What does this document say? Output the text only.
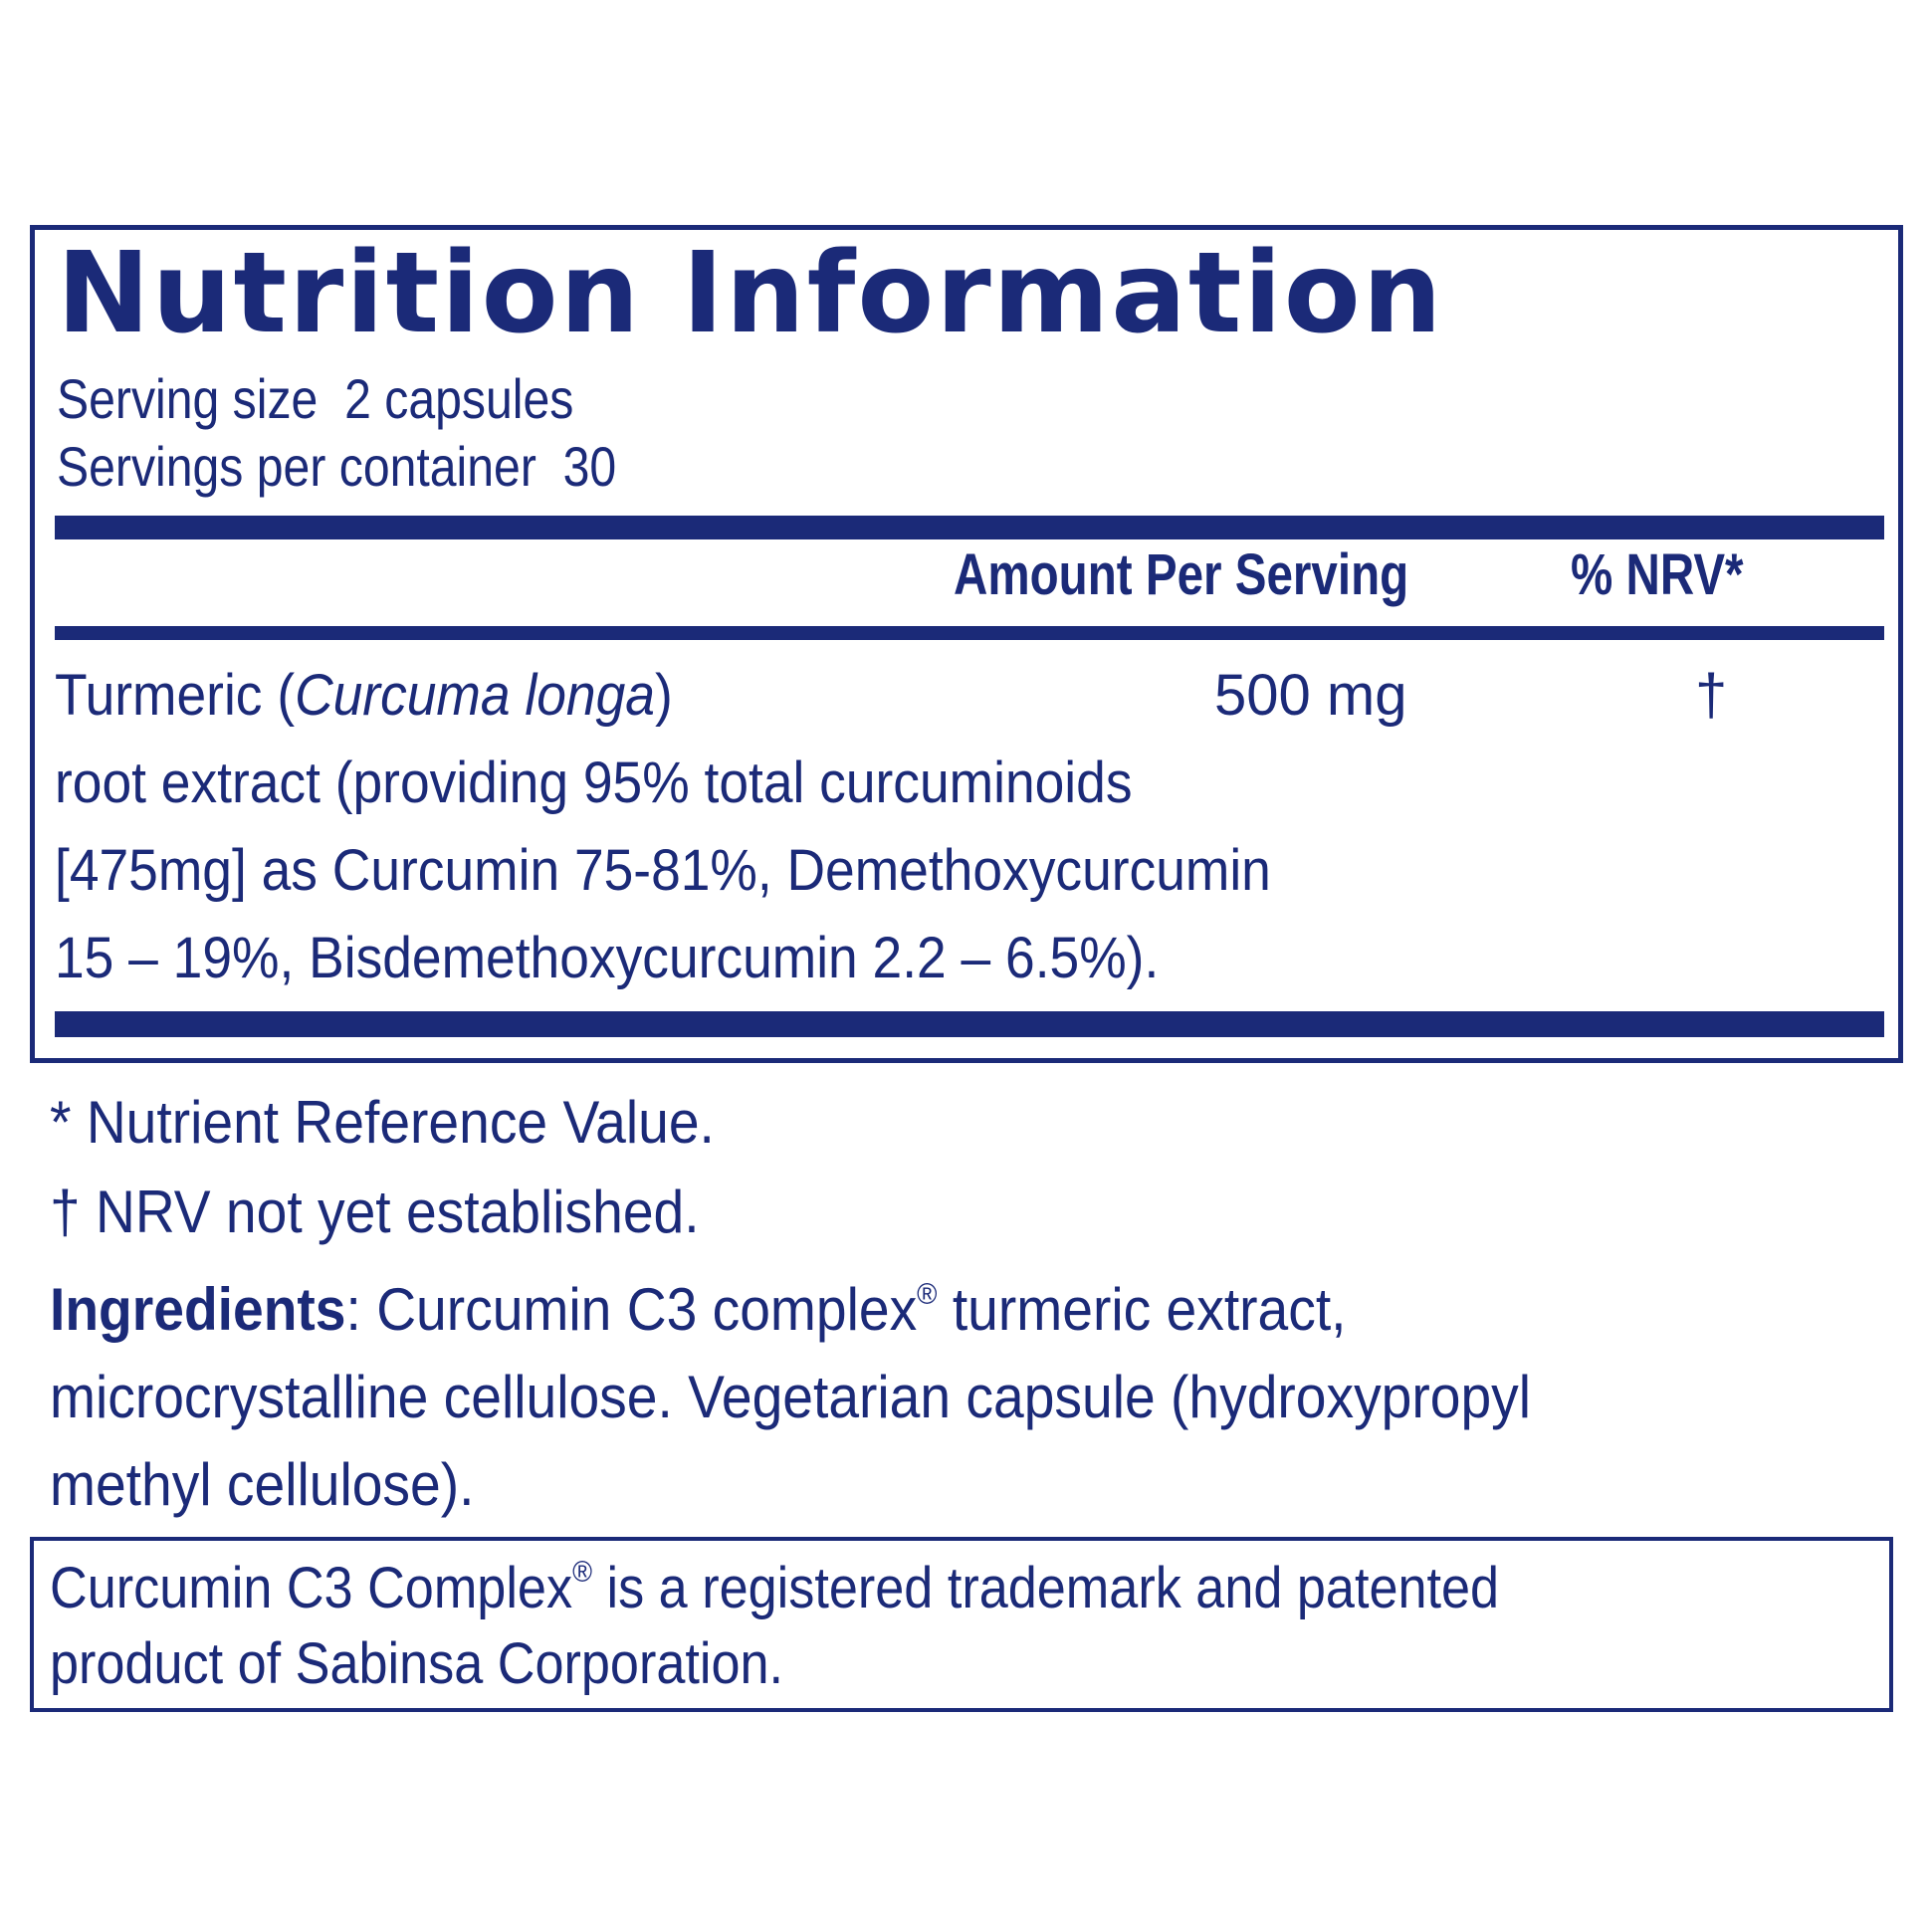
Nutrition Information
Serving size 2 capsules
Servings per container 30
Amount Per Serving	% NRV*
Turmeric (Curcuma longa)
root extract (providing 95% total curcuminoids
[475mg] as Curcumin 75-81%, Demethoxycurcumin
15 – 19%, Bisdemethoxycurcumin 2.2 – 6.5%).
500 mg	†
* Nutrient Reference Value.
† NRV not yet established.
Ingredients: Curcumin C3 complex® turmeric extract,
microcrystalline cellulose. Vegetarian capsule (hydroxypropyl
methyl cellulose).
Curcumin C3 Complex® is a registered trademark and patented
product of Sabinsa Corporation.
